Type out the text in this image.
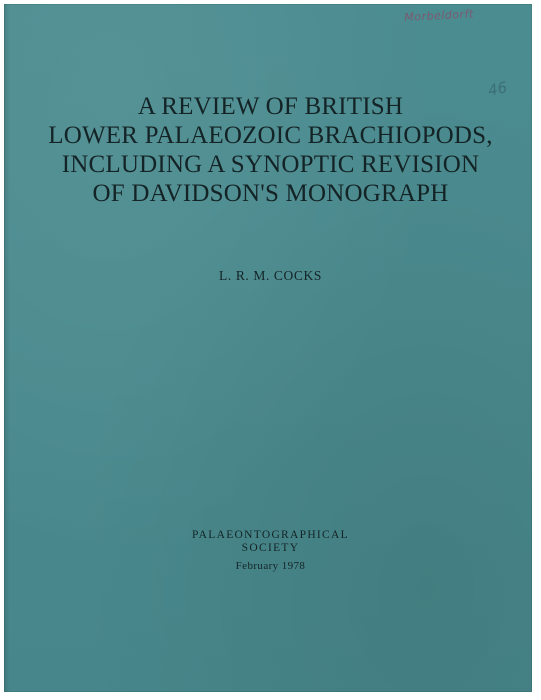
Morbeldorft
46
A REVIEW OF BRITISH
LOWER PALAEOZOIC BRACHIOPODS,
INCLUDING A SYNOPTIC REVISION
OF DAVIDSON'S MONOGRAPH
L. R. M. COCKS
PALAEONTOGRAPHICAL
SOCIETY
February 1978
